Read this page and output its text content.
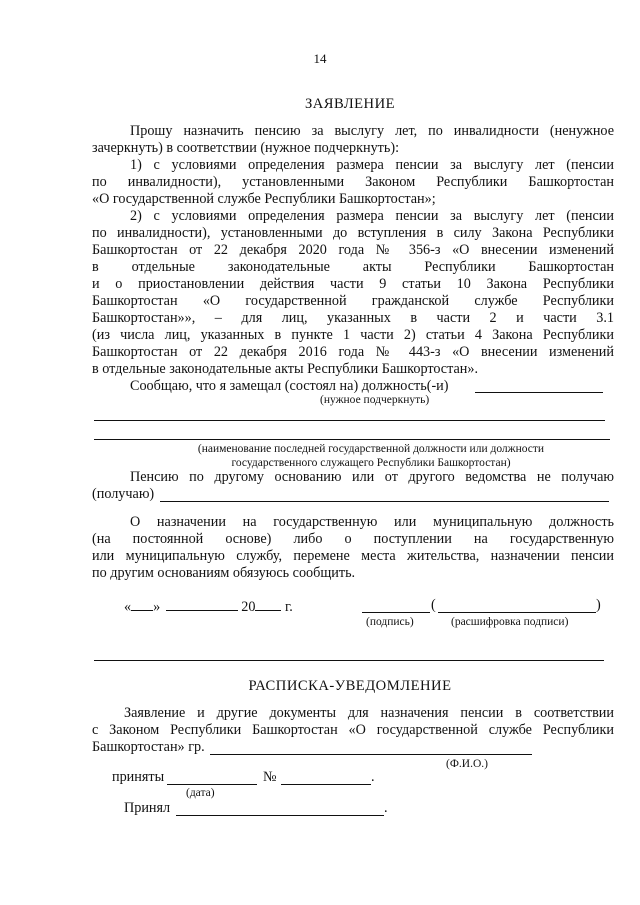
14
ЗАЯВЛЕНИЕ
Прошу назначить пенсию за выслугу лет, по инвалидности (ненужное
зачеркнуть) в соответствии (нужное подчеркнуть):
1) с условиями определения размера пенсии за выслугу лет (пенсии
по инвалидности), установленными Законом Республики Башкортостан
«О государственной службе Республики Башкортостан»;
2) с условиями определения размера пенсии за выслугу лет (пенсии
по инвалидности), установленными до вступления в силу Закона Республики
Башкортостан от 22 декабря 2020 года № 356-з «О внесении изменений
в отдельные законодательные акты Республики Башкортостан
и о приостановлении действия части 9 статьи 10 Закона Республики
Башкортостан «О государственной гражданской службе Республики
Башкортостан»», – для лиц, указанных в части 2 и части 3.1
(из числа лиц, указанных в пункте 1 части 2) статьи 4 Закона Республики
Башкортостан от 22 декабря 2016 года № 443-з «О внесении изменений
в отдельные законодательные акты Республики Башкортостан».
Сообщаю, что я замещал (состоял на) должность(-и)
(нужное подчеркнуть)
(наименование последней государственной должности или должности
государственного служащего Республики Башкортостан)
Пенсию по другому основанию или от другого ведомства не получаю
(получаю)
О назначении на государственную или муниципальную должность
(на постоянной основе) либо о поступлении на государственную
или муниципальную службу, перемене места жительства, назначении пенсии
по другим основаниям обязуюсь сообщить.
« »	20 г.	(	)
(подпись)	(расшифровка подписи)
РАСПИСКА-УВЕДОМЛЕНИЕ
Заявление и другие документы для назначения пенсии в соответствии
с Законом Республики Башкортостан «О государственной службе Республики
Башкортостан» гр.
(Ф.И.О.)
приняты	№	.
(дата)
Принял	.
